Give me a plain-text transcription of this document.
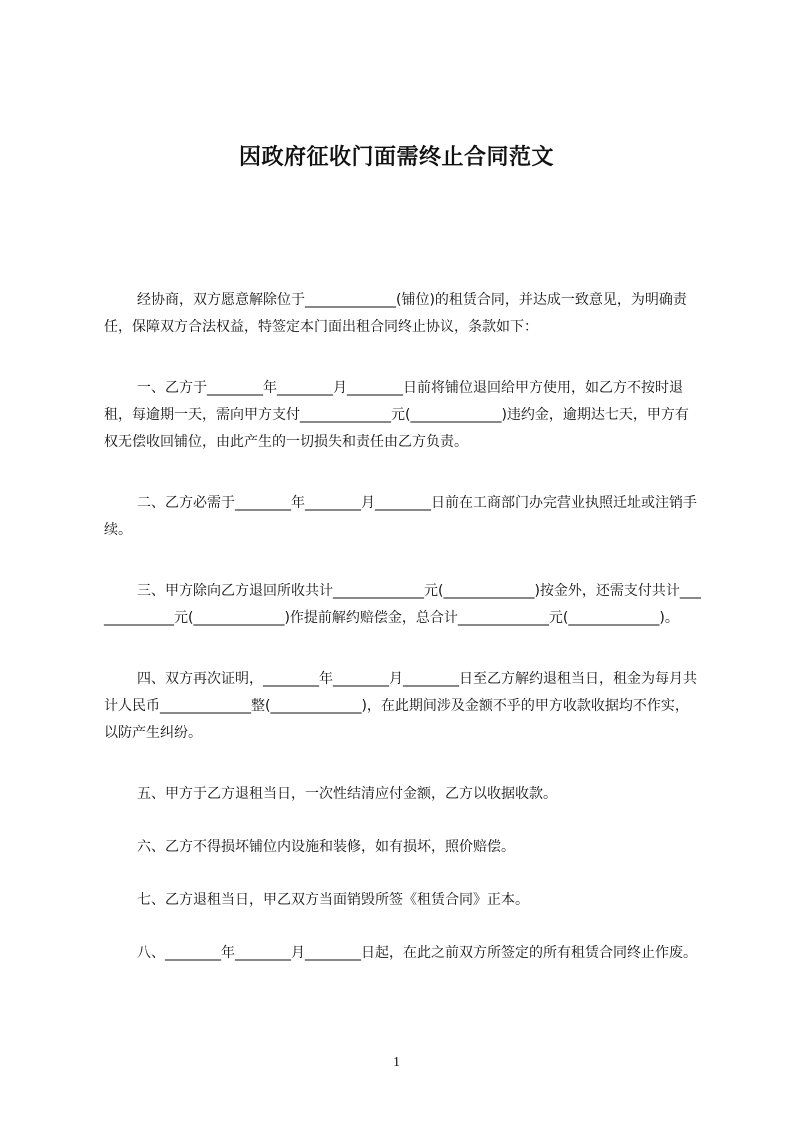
因政府征收门面需终止合同范文

经协商，双方愿意解除位于_____________(铺位)的租赁合同，并达成一致意见，为明确责任，保障双方合法权益，特签定本门面出租合同终止协议，条款如下：

一、乙方于________年________月________日前将铺位退回给甲方使用，如乙方不按时退租，每逾期一天，需向甲方支付_____________元(_____________)违约金，逾期达七天，甲方有权无偿收回铺位，由此产生的一切损失和责任由乙方负责。

二、乙方必需于________年________月________日前在工商部门办完营业执照迁址或注销手续。

三、甲方除向乙方退回所收共计_____________元(_____________)按金外，还需支付共计_____________元(_____________)作提前解约赔偿金，总合计_____________元(_____________)。

四、双方再次证明，________年________月________日至乙方解约退租当日，租金为每月共计人民币_____________整(_____________)，在此期间涉及金额不乎的甲方收款收据均不作实，以防产生纠纷。

五、甲方于乙方退租当日，一次性结清应付金额，乙方以收据收款。

六、乙方不得损坏铺位内设施和装修，如有损坏，照价赔偿。

七、乙方退租当日，甲乙双方当面销毁所签《租赁合同》正本。

八、________年________月________日起，在此之前双方所签定的所有租赁合同终止作废。

1
